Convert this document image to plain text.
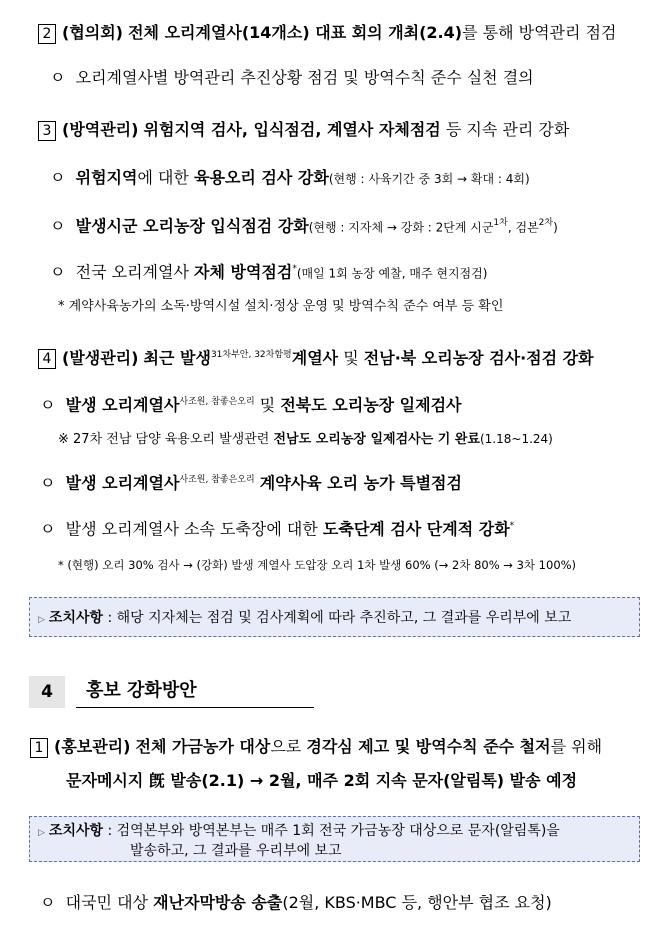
2 (협의회) 전체 오리계열사(14개소) 대표 회의 개최(2.4)를 통해 방역관리 점검
ㅇ 오리계열사별 방역관리 추진상황 점검 및 방역수칙 준수 실천 결의
3 (방역관리) 위험지역 검사, 입식점검, 계열사 자체점검 등 지속 관리 강화
ㅇ 위험지역에 대한 육용오리 검사 강화(현행 : 사육기간 중 3회 → 확대 : 4회)
ㅇ 발생시군 오리농장 입식점검 강화(현행 : 지자체 → 강화 : 2단계 시군$^{1차}$, 검본$^{2차}$)
ㅇ 전국 오리계열사 자체 방역점검*(매일 1회 농장 예찰, 매주 현지점검)
* 계약사육농가의 소독·방역시설 설치·정상 운영 및 방역수칙 준수 여부 등 확인
4 (발생관리) 최근 발생$^{31차부안, 32차함평}$계열사 및 전남·북 오리농장 검사·점검 강화
ㅇ 발생 오리계열사$^{사조원, 참좋은오리}$ 및 전북도 오리농장 일제검사
※ 27차 전남 담양 육용오리 발생관련 전남도 오리농장 일제검사는 기 완료(1.18~1.24)
ㅇ 발생 오리계열사$^{사조원, 참좋은오리}$ 계약사육 오리 농가 특별점검
ㅇ 발생 오리계열사 소속 도축장에 대한 도축단계 검사 단계적 강화*
* (현행) 오리 30% 검사 → (강화) 발생 계열사 도압장 오리 1차 발생 60% (→ 2차 80% → 3차 100%)
▷ 조치사항 : 해당 지자체는 점검 및 검사계획에 따라 추진하고, 그 결과를 우리부에 보고
4	홍보 강화방안
1 (홍보관리) 전체 가금농가 대상으로 경각심 제고 및 방역수칙 준수 철저를 위해
문자메시지 旣 발송(2.1) → 2월, 매주 2회 지속 문자(알림톡) 발송 예정
▷ 조치사항 : 검역본부와 방역본부는 매주 1회 전국 가금농장 대상으로 문자(알림톡)을
발송하고, 그 결과를 우리부에 보고
ㅇ 대국민 대상 재난자막방송 송출(2월, KBS·MBC 등, 행안부 협조 요청)
